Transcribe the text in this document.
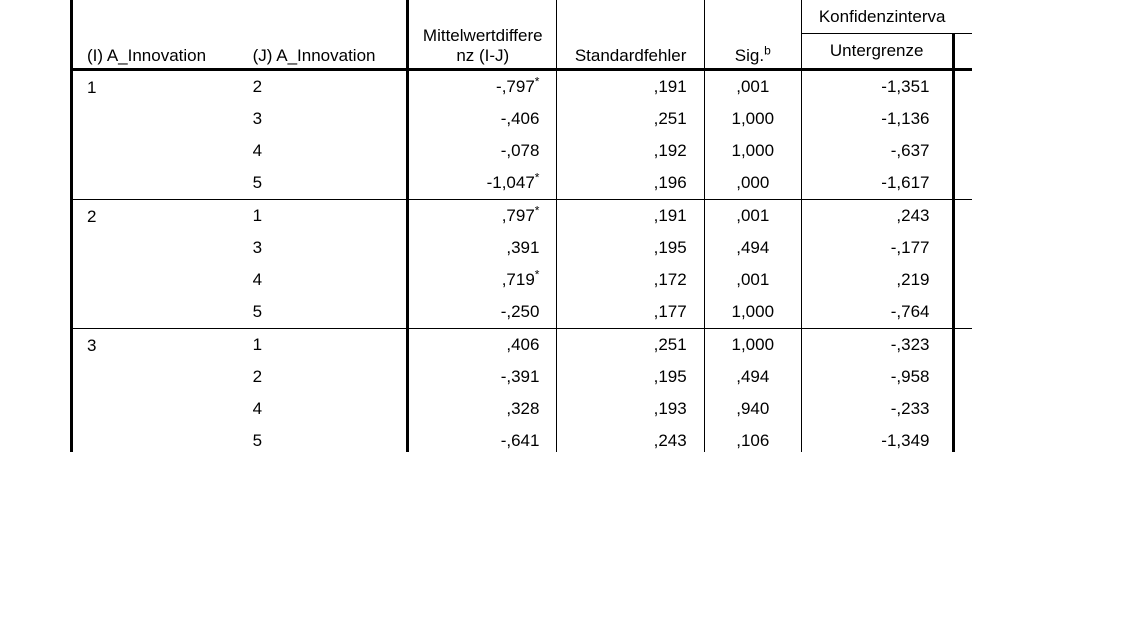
(I) A_Innovation	(J) A_Innovation	Mittelwertdiffere
nz (I-J)	Standardfehler	Sig.$^b$	Konfidenzinterva	
					Untergrenze	
1	2	-,797*	,191	,001	-1,351	
	3	-,406	,251	1,000	-1,136	
	4	-,078	,192	1,000	-,637	
	5	-1,047*	,196	,000	-1,617	
2	1	,797*	,191	,001	,243	
	3	,391	,195	,494	-,177	
	4	,719*	,172	,001	,219	
	5	-,250	,177	1,000	-,764	
3	1	,406	,251	1,000	-,323	
	2	-,391	,195	,494	-,958	
	4	,328	,193	,940	-,233	
	5	-,641	,243	,106	-1,349	
